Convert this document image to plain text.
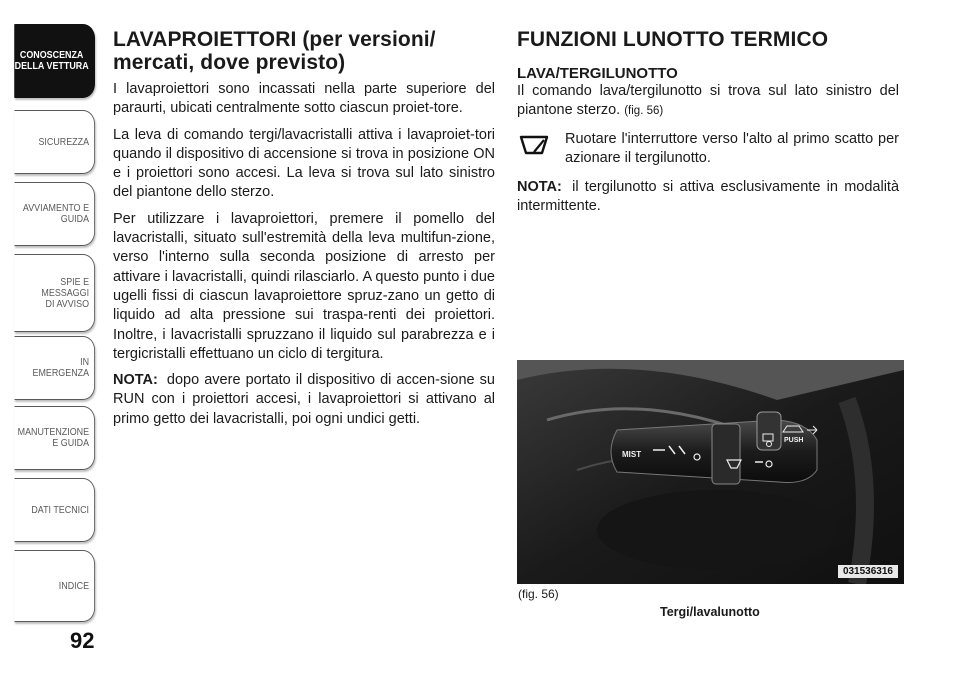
CONOSCENZA
DELLA VETTURA
SICUREZZA
AVVIAMENTO E
GUIDA
SPIE E
MESSAGGI
DI AVVISO
IN
EMERGENZA
MANUTENZIONE
E GUIDA
DATI TECNICI
INDICE
92
LAVAPROIETTORI (per versioni/ mercati, dove previsto)

I lavaproiettori sono incassati nella parte superiore del paraurti, ubicati centralmente sotto ciascun proiet-tore.

La leva di comando tergi/lavacristalli attiva i lavaproiet-tori quando il dispositivo di accensione si trova in posizione ON e i proiettori sono accesi. La leva si trova sul lato sinistro del piantone dello sterzo.

Per utilizzare i lavaproiettori, premere il pomello del lavacristalli, situato sull'estremità della leva multifun-zione, verso l'interno sulla seconda posizione di arresto per attivare i lavacristalli, quindi rilasciarlo. A questo punto i due ugelli fissi di ciascun lavaproiettore spruz-zano un getto di liquido ad alta pressione sui traspa-renti dei proiettori. Inoltre, i lavacristalli spruzzano il liquido sul parabrezza e i tergicristalli effettuano un ciclo di tergitura.

NOTA: dopo avere portato il dispositivo di accen-sione su RUN con i proiettori accesi, i lavaproiettori si attivano al primo getto dei lavacristalli, poi ogni undici getti.

FUNZIONI LUNOTTO TERMICO
LAVA/TERGILUNOTTO

Il comando lava/tergilunotto si trova sul lato sinistro del piantone sterzo. (fig. 56)

Ruotare l'interruttore verso l'alto al primo scatto per azionare il tergilunotto.

NOTA: il tergilunotto si attiva esclusivamente in modalità intermittente.

MIST
PUSH
031536316
(fig. 56)
Tergi/lavalunotto
